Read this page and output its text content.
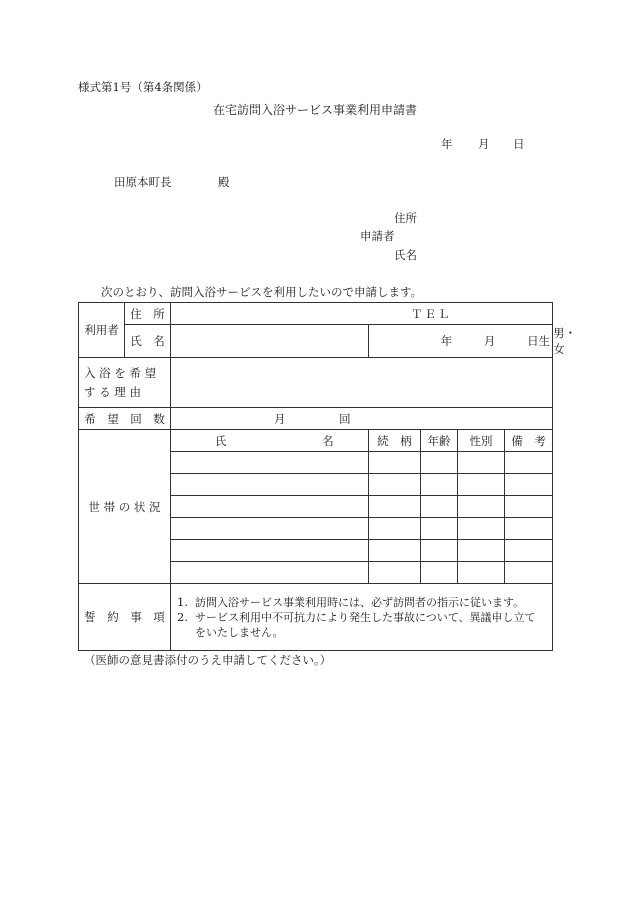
様式第1号（第4条関係）
在宅訪問入浴サービス事業利用申請書
年 月 日
田原本町長	殿
住所
申請者
氏名
次のとおり、訪問入浴サービスを利用したいので申請します。
利用者	住　所	ＴＥＬ					
	氏　名		年 月 日生				男・女

入 浴 を 希 望
す る 理 由							

希　望　回　数		月 回					
世 帯 の 状 況		氏 名	続　柄	年齢	性別	備　考	

誓　約　事　項		1. 訪問入浴サービス事業利用時には、必ず訪問者の指示に従います。

2. サービス利用中不可抗力により発生した事故について、異議申し立てをいたしません。					

（医師の意見書添付のうえ申請してください。）
